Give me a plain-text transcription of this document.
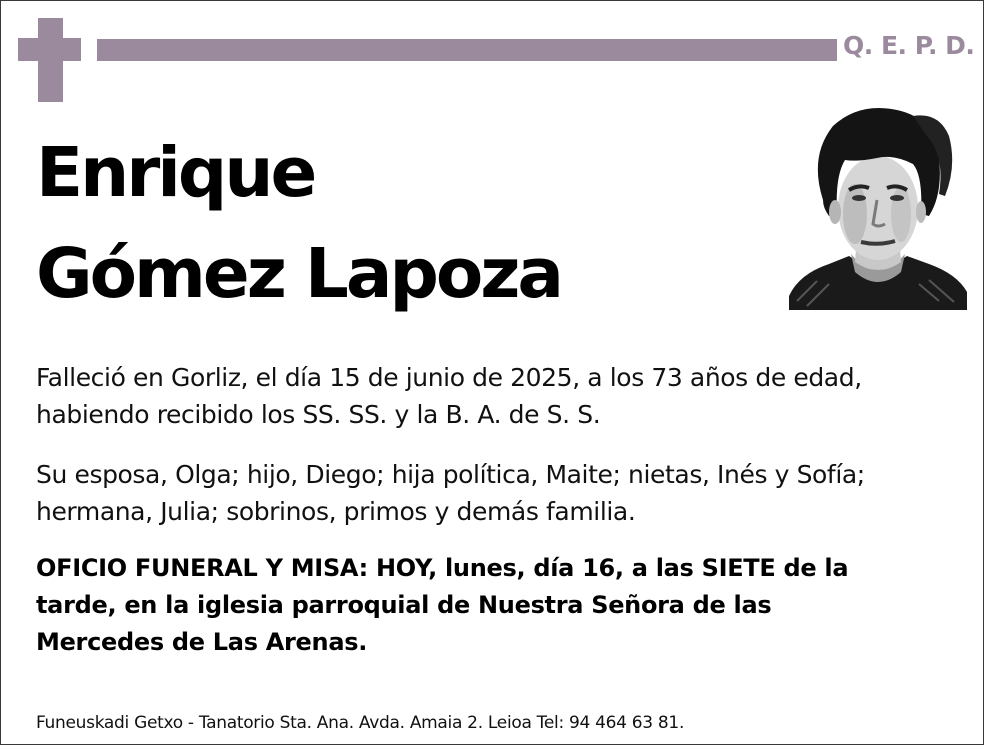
Q. E. P. D.
Enrique
Gómez Lapoza
Falleció en Gorliz, el día 15 de junio de 2025, a los 73 años de edad, habiendo recibido los SS. SS. y la B. A. de S. S.
Su esposa, Olga; hijo, Diego; hija política, Maite; nietas, Inés y Sofía; hermana, Julia; sobrinos, primos y demás familia.
OFICIO FUNERAL Y MISA: HOY, lunes, día 16, a las SIETE de la tarde, en la iglesia parroquial de Nuestra Señora de las Mercedes de Las Arenas.
Funeuskadi Getxo - Tanatorio Sta. Ana. Avda. Amaia 2. Leioa Tel: 94 464 63 81.
